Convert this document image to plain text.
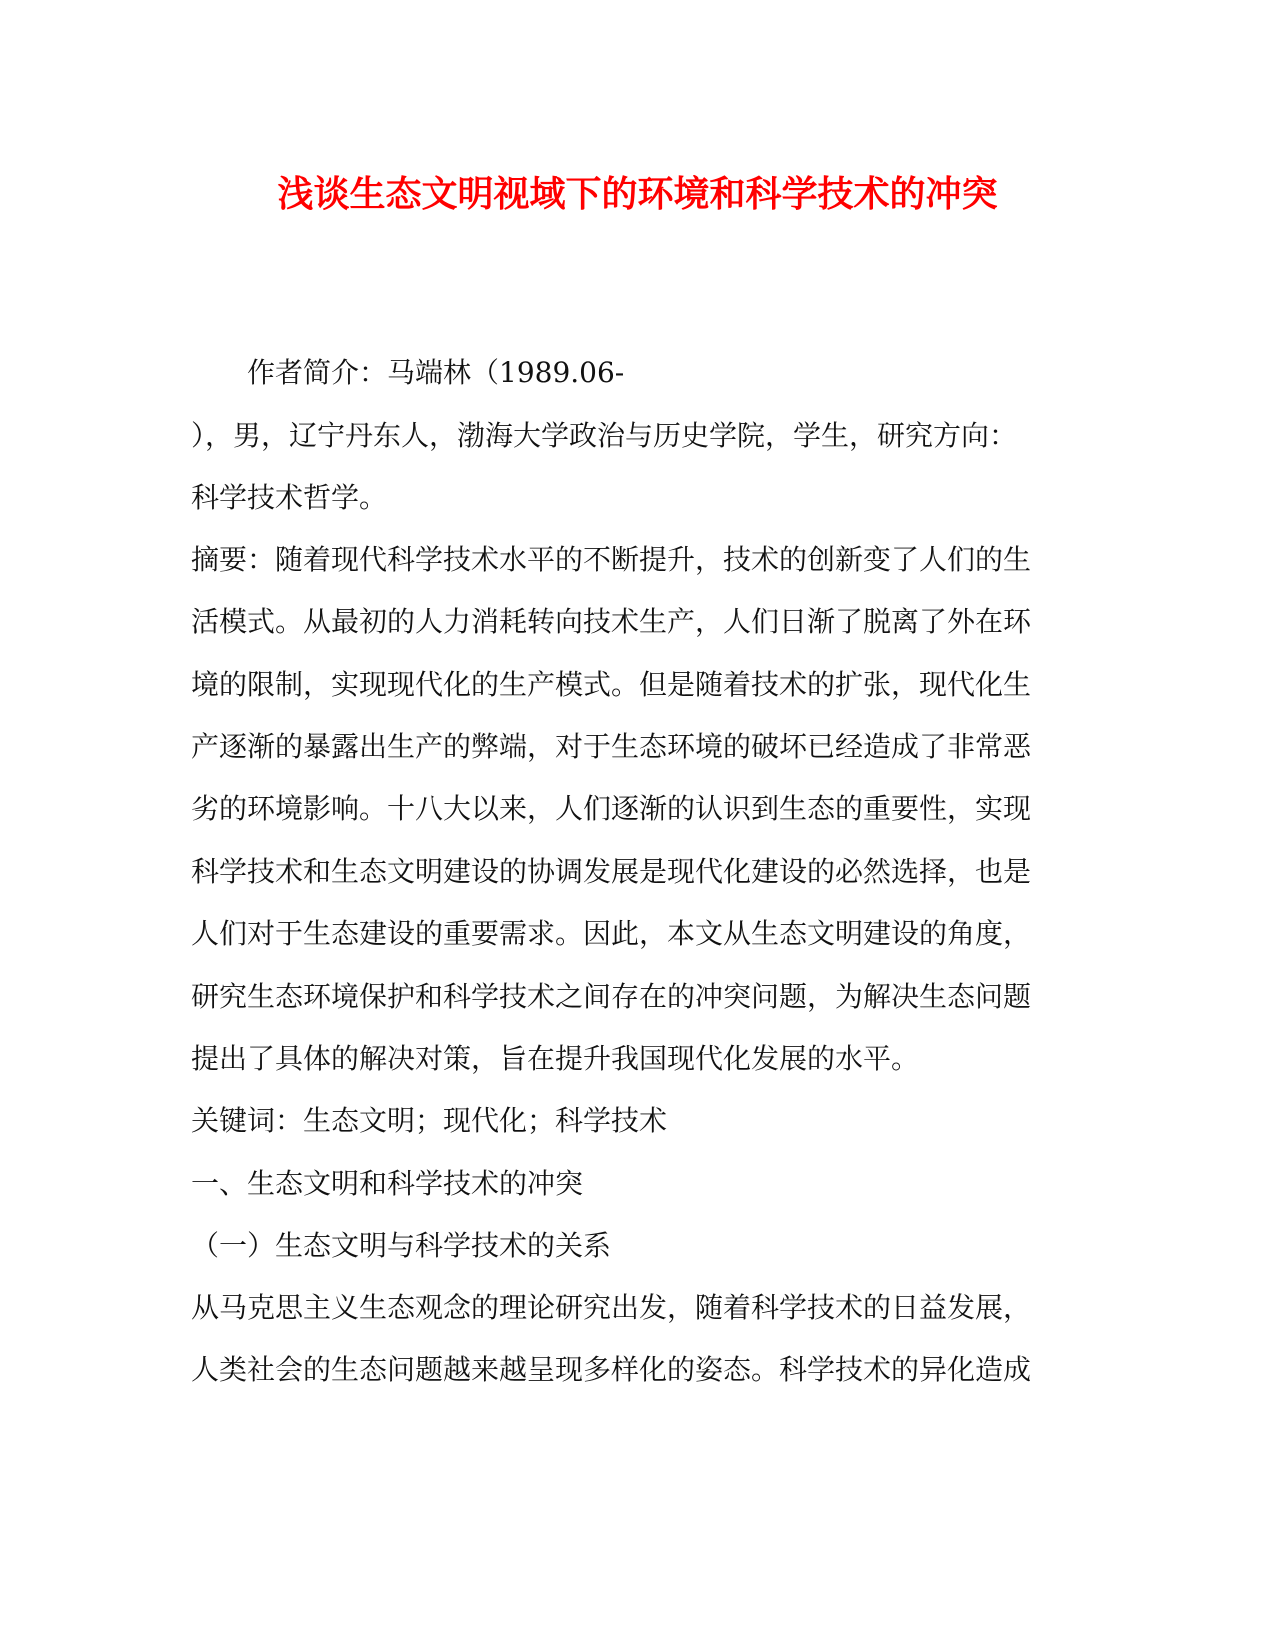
浅谈生态文明视域下的环境和科学技术的冲突

作者简介：马端林（1989.06-

），男，辽宁丹东人，渤海大学政治与历史学院，学生，研究方向：

科学技术哲学。

摘要：随着现代科学技术水平的不断提升，技术的创新变了人们的生

活模式。从最初的人力消耗转向技术生产，人们日渐了脱离了外在环

境的限制，实现现代化的生产模式。但是随着技术的扩张，现代化生

产逐渐的暴露出生产的弊端，对于生态环境的破坏已经造成了非常恶

劣的环境影响。十八大以来，人们逐渐的认识到生态的重要性，实现

科学技术和生态文明建设的协调发展是现代化建设的必然选择，也是

人们对于生态建设的重要需求。因此，本文从生态文明建设的角度，

研究生态环境保护和科学技术之间存在的冲突问题，为解决生态问题

提出了具体的解决对策，旨在提升我国现代化发展的水平。

关键词：生态文明；现代化；科学技术

一、生态文明和科学技术的冲突

（一）生态文明与科学技术的关系

从马克思主义生态观念的理论研究出发，随着科学技术的日益发展，

人类社会的生态问题越来越呈现多样化的姿态。科学技术的异化造成
